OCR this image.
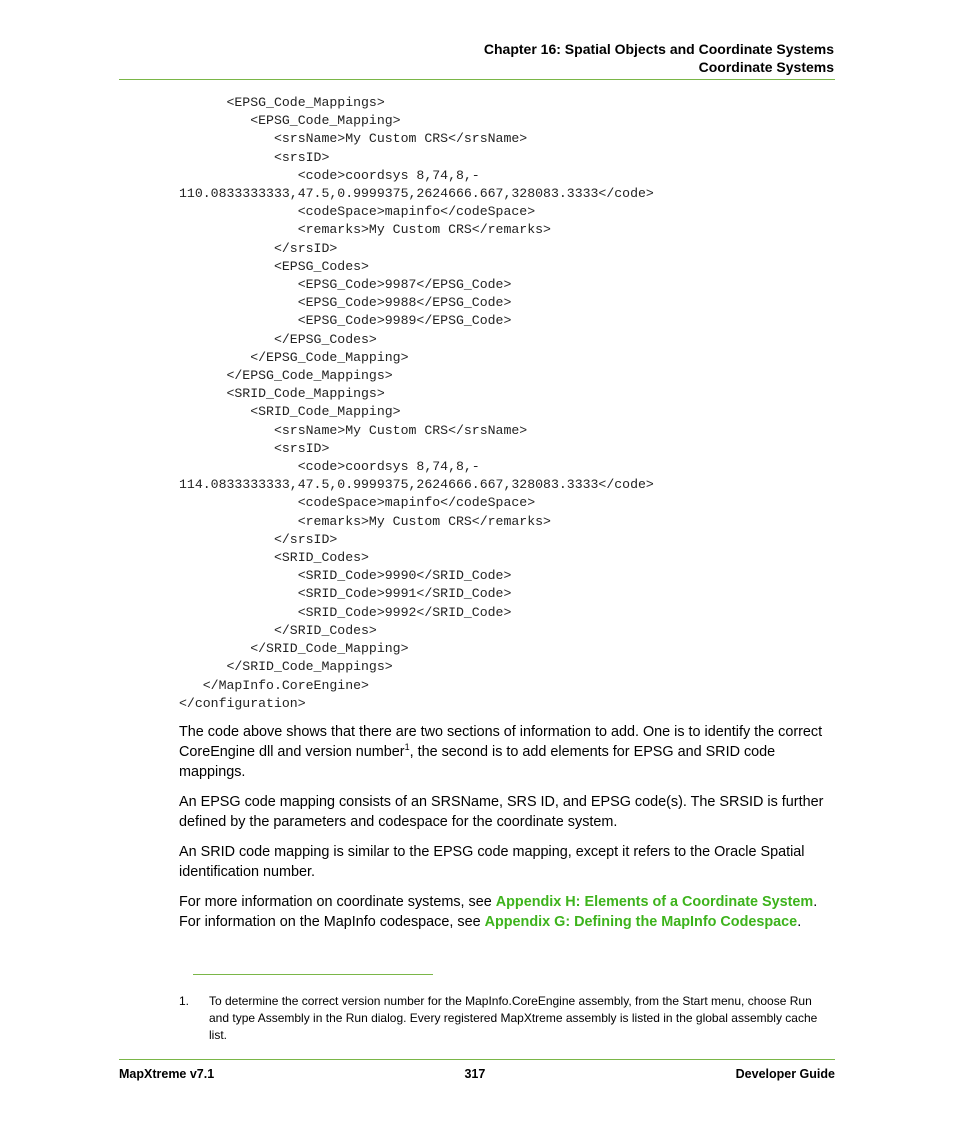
Chapter 16: Spatial Objects and Coordinate Systems
Coordinate Systems
<EPSG_Code_Mappings>
<EPSG_Code_Mapping>
<srsName>My Custom CRS</srsName>
<srsID>
<code>coordsys 8,74,8,-
110.0833333333,47.5,0.9999375,2624666.667,328083.3333</code>
<codeSpace>mapinfo</codeSpace>
<remarks>My Custom CRS</remarks>
</srsID>
<EPSG_Codes>
<EPSG_Code>9987</EPSG_Code>
<EPSG_Code>9988</EPSG_Code>
<EPSG_Code>9989</EPSG_Code>
</EPSG_Codes>
</EPSG_Code_Mapping>
</EPSG_Code_Mappings>
<SRID_Code_Mappings>
<SRID_Code_Mapping>
<srsName>My Custom CRS</srsName>
<srsID>
<code>coordsys 8,74,8,-
114.0833333333,47.5,0.9999375,2624666.667,328083.3333</code>
<codeSpace>mapinfo</codeSpace>
<remarks>My Custom CRS</remarks>
</srsID>
<SRID_Codes>
<SRID_Code>9990</SRID_Code>
<SRID_Code>9991</SRID_Code>
<SRID_Code>9992</SRID_Code>
</SRID_Codes>
</SRID_Code_Mapping>
</SRID_Code_Mappings>
</MapInfo.CoreEngine>
</configuration>

The code above shows that there are two sections of information to add. One is to identify the correct CoreEngine dll and version number$^1$, the second is to add elements for EPSG and SRID code mappings.

An EPSG code mapping consists of an SRSName, SRS ID, and EPSG code(s). The SRSID is further defined by the parameters and codespace for the coordinate system.

An SRID code mapping is similar to the EPSG code mapping, except it refers to the Oracle Spatial identification number.

For more information on coordinate systems, see Appendix H: Elements of a Coordinate System.
For information on the MapInfo codespace, see Appendix G: Defining the MapInfo Codespace.

1.	To determine the correct version number for the MapInfo.CoreEngine assembly, from the Start menu, choose Run and type Assembly in the Run dialog. Every registered MapXtreme assembly is listed in the global assembly cache list.
MapXtreme v7.1	317	Developer Guide
